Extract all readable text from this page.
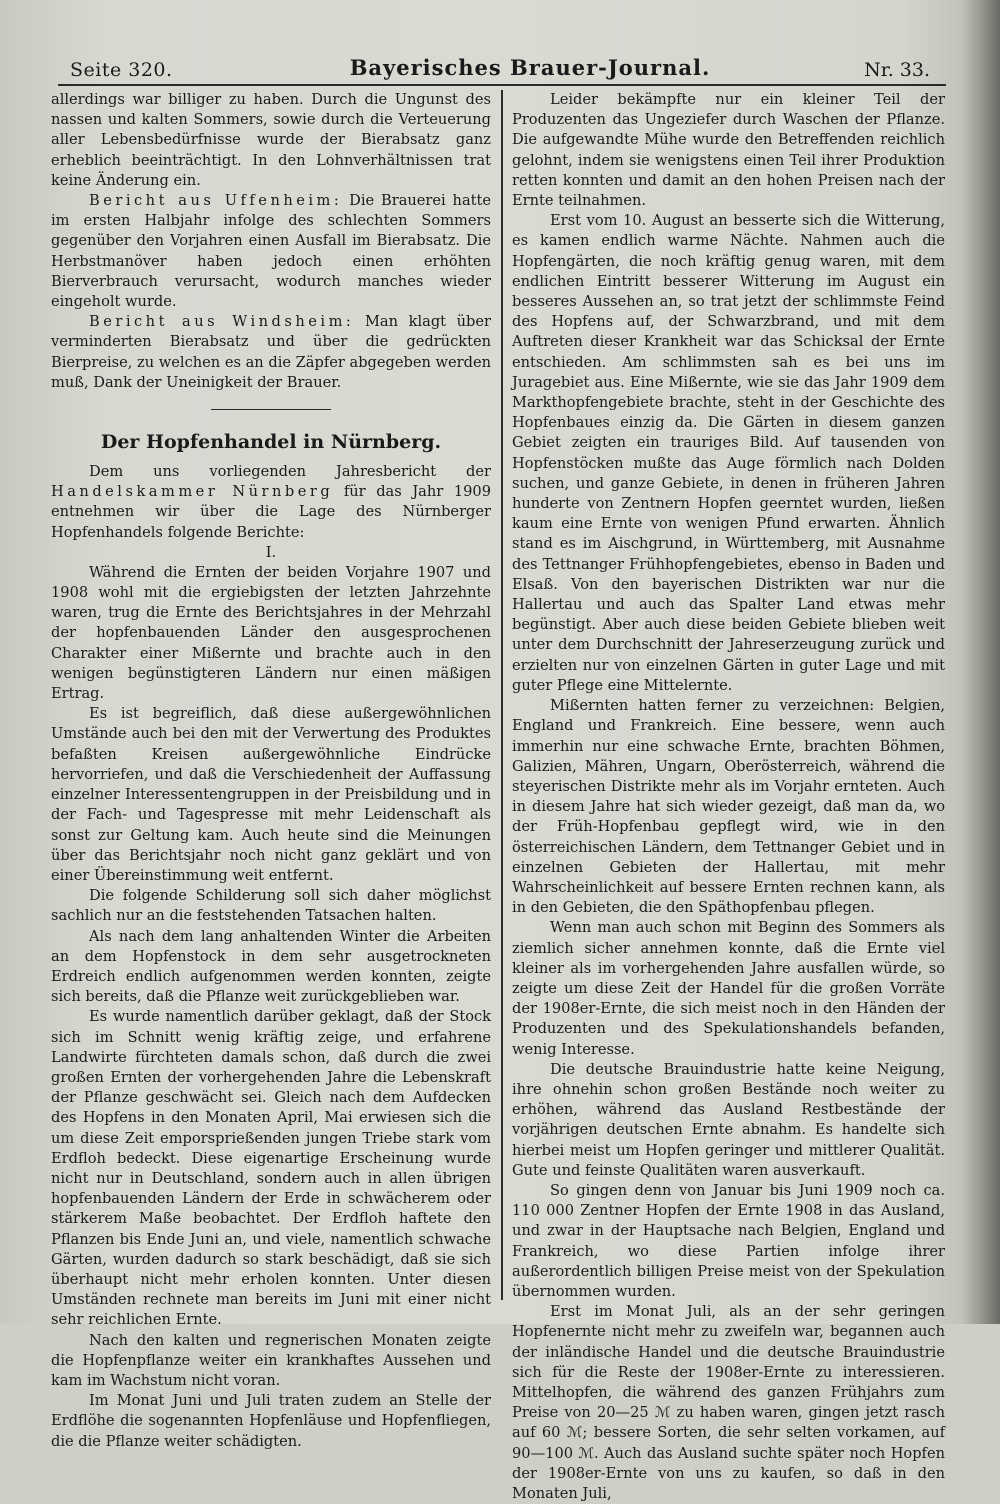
Seite 320.	Bayerisches Brauer-Journal.	Nr. 33.

allerdings war billiger zu haben. Durch die Ungunst des nassen und kalten Sommers, sowie durch die Verteuerung aller Lebensbedürfnisse wurde der Bierabsatz ganz erheblich beeinträchtigt. In den Lohnverhältnissen trat keine Änderung ein.

Bericht aus Uffenheim: Die Brauerei hatte im ersten Halbjahr infolge des schlechten Sommers gegenüber den Vorjahren einen Ausfall im Bierabsatz. Die Herbstmanöver haben jedoch einen erhöhten Bierverbrauch verursacht, wodurch manches wieder eingeholt wurde.

Bericht aus Windsheim: Man klagt über verminderten Bierabsatz und über die gedrückten Bierpreise, zu welchen es an die Zäpfer abgegeben werden muß, Dank der Uneinigkeit der Brauer.

Der Hopfenhandel in Nürnberg.

Dem uns vorliegenden Jahresbericht der Handelskammer Nürnberg für das Jahr 1909 entnehmen wir über die Lage des Nürnberger Hopfenhandels folgende Berichte:

I.

Während die Ernten der beiden Vorjahre 1907 und 1908 wohl mit die ergiebigsten der letzten Jahrzehnte waren, trug die Ernte des Berichtsjahres in der Mehrzahl der hopfenbauenden Länder den ausgesprochenen Charakter einer Mißernte und brachte auch in den wenigen begünstigteren Ländern nur einen mäßigen Ertrag.

Es ist begreiflich, daß diese außergewöhnlichen Umstände auch bei den mit der Verwertung des Produktes befaßten Kreisen außergewöhnliche Eindrücke hervorriefen, und daß die Verschiedenheit der Auffassung einzelner Interessentengruppen in der Preisbildung und in der Fach- und Tagespresse mit mehr Leidenschaft als sonst zur Geltung kam. Auch heute sind die Meinungen über das Berichtsjahr noch nicht ganz geklärt und von einer Übereinstimmung weit entfernt.

Die folgende Schilderung soll sich daher möglichst sachlich nur an die feststehenden Tatsachen halten.

Als nach dem lang anhaltenden Winter die Arbeiten an dem Hopfenstock in dem sehr ausgetrockneten Erdreich endlich aufgenommen werden konnten, zeigte sich bereits, daß die Pflanze weit zurückgeblieben war.

Es wurde namentlich darüber geklagt, daß der Stock sich im Schnitt wenig kräftig zeige, und erfahrene Landwirte fürchteten damals schon, daß durch die zwei großen Ernten der vorhergehenden Jahre die Lebenskraft der Pflanze geschwächt sei. Gleich nach dem Aufdecken des Hopfens in den Monaten April, Mai erwiesen sich die um diese Zeit emporsprießenden jungen Triebe stark vom Erdfloh bedeckt. Diese eigenartige Erscheinung wurde nicht nur in Deutschland, sondern auch in allen übrigen hopfenbauenden Ländern der Erde in schwächerem oder stärkerem Maße beobachtet. Der Erdfloh haftete den Pflanzen bis Ende Juni an, und viele, namentlich schwache Gärten, wurden dadurch so stark beschädigt, daß sie sich überhaupt nicht mehr erholen konnten. Unter diesen Umständen rechnete man bereits im Juni mit einer nicht sehr reichlichen Ernte.

Nach den kalten und regnerischen Monaten zeigte die Hopfenpflanze weiter ein krankhaftes Aussehen und kam im Wachstum nicht voran.

Im Monat Juni und Juli traten zudem an Stelle der Erdflöhe die sogenannten Hopfenläuse und Hopfenfliegen, die die Pflanze weiter schädigten.

Leider bekämpfte nur ein kleiner Teil der Produzenten das Ungeziefer durch Waschen der Pflanze. Die aufgewandte Mühe wurde den Betreffenden reichlich gelohnt, indem sie wenigstens einen Teil ihrer Produktion retten konnten und damit an den hohen Preisen nach der Ernte teilnahmen.

Erst vom 10. August an besserte sich die Witterung, es kamen endlich warme Nächte. Nahmen auch die Hopfengärten, die noch kräftig genug waren, mit dem endlichen Eintritt besserer Witterung im August ein besseres Aussehen an, so trat jetzt der schlimmste Feind des Hopfens auf, der Schwarzbrand, und mit dem Auftreten dieser Krankheit war das Schicksal der Ernte entschieden. Am schlimmsten sah es bei uns im Juragebiet aus. Eine Mißernte, wie sie das Jahr 1909 dem Markthopfengebiete brachte, steht in der Geschichte des Hopfenbaues einzig da. Die Gärten in diesem ganzen Gebiet zeigten ein trauriges Bild. Auf tausenden von Hopfenstöcken mußte das Auge förmlich nach Dolden suchen, und ganze Gebiete, in denen in früheren Jahren hunderte von Zentnern Hopfen geerntet wurden, ließen kaum eine Ernte von wenigen Pfund erwarten. Ähnlich stand es im Aischgrund, in Württemberg, mit Ausnahme des Tettnanger Frühhopfengebietes, ebenso in Baden und Elsaß. Von den bayerischen Distrikten war nur die Hallertau und auch das Spalter Land etwas mehr begünstigt. Aber auch diese beiden Gebiete blieben weit unter dem Durchschnitt der Jahreserzeugung zurück und erzielten nur von einzelnen Gärten in guter Lage und mit guter Pflege eine Mittelernte.

Mißernten hatten ferner zu verzeichnen: Belgien, England und Frankreich. Eine bessere, wenn auch immerhin nur eine schwache Ernte, brachten Böhmen, Galizien, Mähren, Ungarn, Oberösterreich, während die steyerischen Distrikte mehr als im Vorjahr ernteten. Auch in diesem Jahre hat sich wieder gezeigt, daß man da, wo der Früh-Hopfenbau gepflegt wird, wie in den österreichischen Ländern, dem Tettnanger Gebiet und in einzelnen Gebieten der Hallertau, mit mehr Wahrscheinlichkeit auf bessere Ernten rechnen kann, als in den Gebieten, die den Späthopfenbau pflegen.

Wenn man auch schon mit Beginn des Sommers als ziemlich sicher annehmen konnte, daß die Ernte viel kleiner als im vorhergehenden Jahre ausfallen würde, so zeigte um diese Zeit der Handel für die großen Vorräte der 1908er-Ernte, die sich meist noch in den Händen der Produzenten und des Spekulationshandels befanden, wenig Interesse.

Die deutsche Brauindustrie hatte keine Neigung, ihre ohnehin schon großen Bestände noch weiter zu erhöhen, während das Ausland Restbestände der vorjährigen deutschen Ernte abnahm. Es handelte sich hierbei meist um Hopfen geringer und mittlerer Qualität. Gute und feinste Qualitäten waren ausverkauft.

So gingen denn von Januar bis Juni 1909 noch ca. 110 000 Zentner Hopfen der Ernte 1908 in das Ausland, und zwar in der Hauptsache nach Belgien, England und Frankreich, wo diese Partien infolge ihrer außerordentlich billigen Preise meist von der Spekulation übernommen wurden.

Erst im Monat Juli, als an der sehr geringen Hopfenernte nicht mehr zu zweifeln war, begannen auch der inländische Handel und die deutsche Brauindustrie sich für die Reste der 1908er-Ernte zu interessieren. Mittelhopfen, die während des ganzen Frühjahrs zum Preise von 20—25 ℳ zu haben waren, gingen jetzt rasch auf 60 ℳ; bessere Sorten, die sehr selten vorkamen, auf 90—100 ℳ. Auch das Ausland suchte später noch Hopfen der 1908er-Ernte von uns zu kaufen, so daß in den Monaten Juli,
